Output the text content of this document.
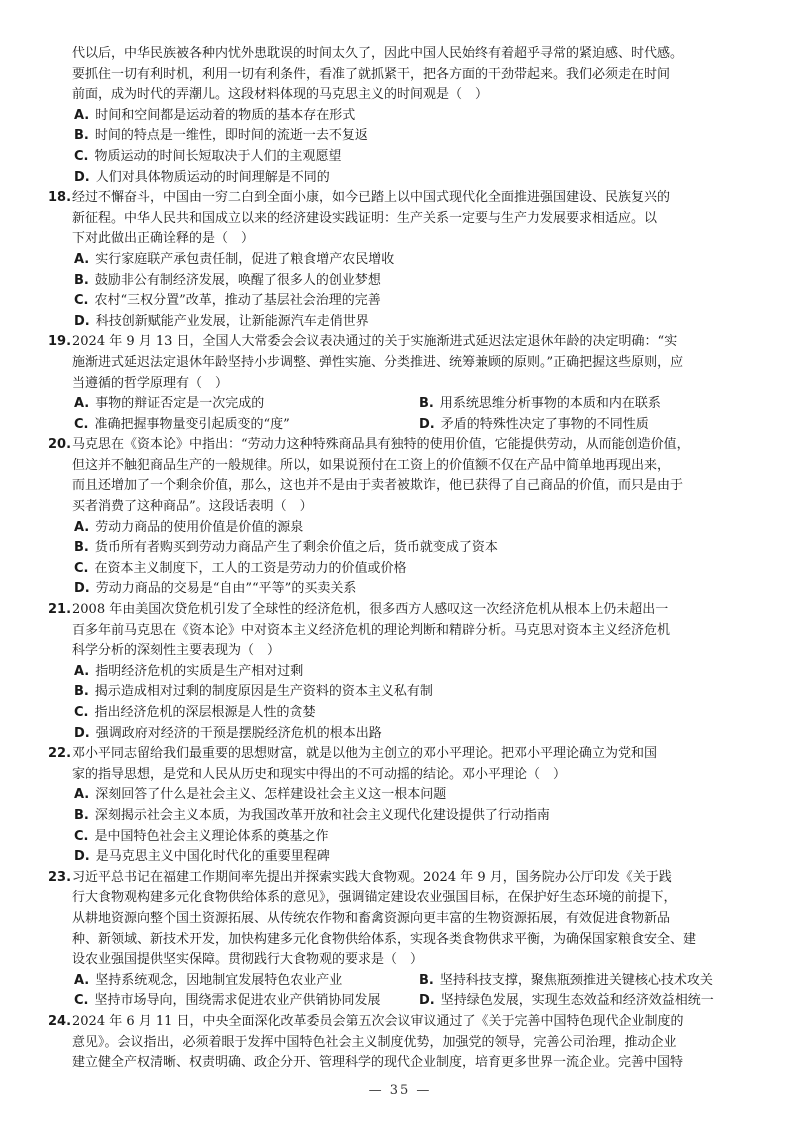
代以后，中华民族被各种内忧外患耽误的时间太久了，因此中国人民始终有着超乎寻常的紧迫感、时代感。
要抓住一切有利时机，利用一切有利条件，看准了就抓紧干，把各方面的干劲带起来。我们必须走在时间
前面，成为时代的弄潮儿。这段材料体现的马克思主义的时间观是（　）
A. 时间和空间都是运动着的物质的基本存在形式
B. 时间的特点是一维性，即时间的流逝一去不复返
C. 物质运动的时间长短取决于人们的主观愿望
D. 人们对具体物质运动的时间理解是不同的
18. 经过不懈奋斗，中国由一穷二白到全面小康，如今已踏上以中国式现代化全面推进强国建设、民族复兴的
新征程。中华人民共和国成立以来的经济建设实践证明：生产关系一定要与生产力发展要求相适应。以
下对此做出正确诠释的是（　）
A. 实行家庭联产承包责任制，促进了粮食增产农民增收
B. 鼓励非公有制经济发展，唤醒了很多人的创业梦想
C. 农村“三权分置”改革，推动了基层社会治理的完善
D. 科技创新赋能产业发展，让新能源汽车走俏世界
19. 2024 年 9 月 13 日，全国人大常委会会议表决通过的关于实施渐进式延迟法定退休年龄的决定明确：“实
施渐进式延迟法定退休年龄坚持小步调整、弹性实施、分类推进、统筹兼顾的原则。”正确把握这些原则，应
当遵循的哲学原理有（　）
A. 事物的辩证否定是一次完成的	B. 用系统思维分析事物的本质和内在联系
C. 准确把握事物量变引起质变的“度”	D. 矛盾的特殊性决定了事物的不同性质
20. 马克思在《资本论》中指出：“劳动力这种特殊商品具有独特的使用价值，它能提供劳动，从而能创造价值，
但这并不触犯商品生产的一般规律。所以，如果说预付在工资上的价值额不仅在产品中简单地再现出来，
而且还增加了一个剩余价值，那么，这也并不是由于卖者被欺诈，他已获得了自己商品的价值，而只是由于
买者消费了这种商品”。这段话表明（　）
A. 劳动力商品的使用价值是价值的源泉
B. 货币所有者购买到劳动力商品产生了剩余价值之后，货币就变成了资本
C. 在资本主义制度下，工人的工资是劳动力的价值或价格
D. 劳动力商品的交易是“自由”“平等”的买卖关系
21. 2008 年由美国次贷危机引发了全球性的经济危机，很多西方人感叹这一次经济危机从根本上仍未超出一
百多年前马克思在《资本论》中对资本主义经济危机的理论判断和精辟分析。马克思对资本主义经济危机
科学分析的深刻性主要表现为（　）
A. 指明经济危机的实质是生产相对过剩
B. 揭示造成相对过剩的制度原因是生产资料的资本主义私有制
C. 指出经济危机的深层根源是人性的贪婪
D. 强调政府对经济的干预是摆脱经济危机的根本出路
22. 邓小平同志留给我们最重要的思想财富，就是以他为主创立的邓小平理论。把邓小平理论确立为党和国
家的指导思想，是党和人民从历史和现实中得出的不可动摇的结论。邓小平理论（　）
A. 深刻回答了什么是社会主义、怎样建设社会主义这一根本问题
B. 深刻揭示社会主义本质，为我国改革开放和社会主义现代化建设提供了行动指南
C. 是中国特色社会主义理论体系的奠基之作
D. 是马克思主义中国化时代化的重要里程碑
23. 习近平总书记在福建工作期间率先提出并探索实践大食物观。2024 年 9 月，国务院办公厅印发《关于践
行大食物观构建多元化食物供给体系的意见》，强调锚定建设农业强国目标，在保护好生态环境的前提下，
从耕地资源向整个国土资源拓展、从传统农作物和畜禽资源向更丰富的生物资源拓展，有效促进食物新品
种、新领域、新技术开发，加快构建多元化食物供给体系，实现各类食物供求平衡，为确保国家粮食安全、建
设农业强国提供坚实保障。贯彻践行大食物观的要求是（　）
A. 坚持系统观念，因地制宜发展特色农业产业	B. 坚持科技支撑，聚焦瓶颈推进关键核心技术攻关
C. 坚持市场导向，围绕需求促进农业产供销协同发展	D. 坚持绿色发展，实现生态效益和经济效益相统一
24. 2024 年 6 月 11 日，中央全面深化改革委员会第五次会议审议通过了《关于完善中国特色现代企业制度的
意见》。会议指出，必须着眼于发挥中国特色社会主义制度优势，加强党的领导，完善公司治理，推动企业
建立健全产权清晰、权责明确、政企分开、管理科学的现代企业制度，培育更多世界一流企业。完善中国特
— 35 —
